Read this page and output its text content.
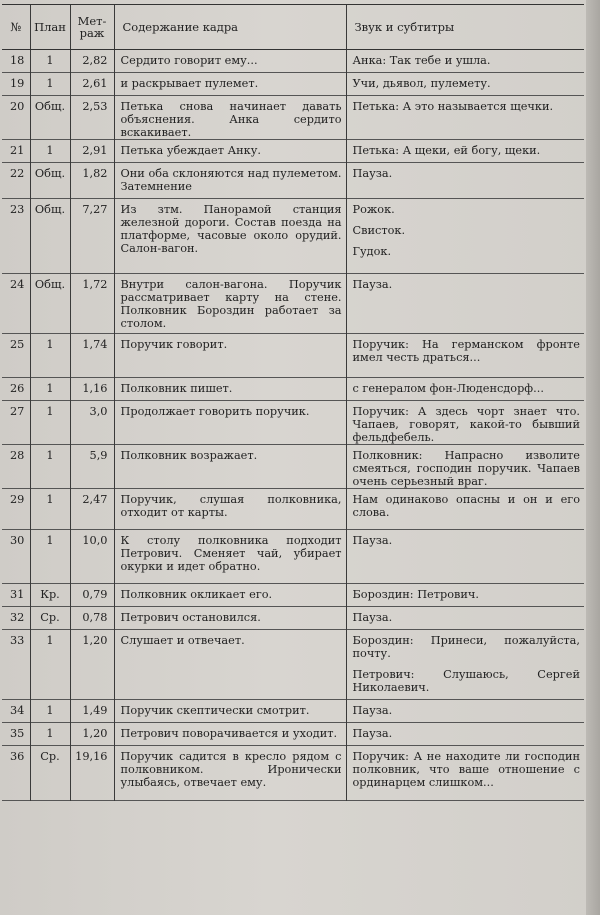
№	План	Мет-
раж	Содержание кадра	Звук и субтитры
18	1	2,82	Сердито говорит ему...	Анка: Так тебе и ушла.

19	1	2,61	и раскрывает пулемет.	Учи, дьявол, пулемету.

20	Общ.	2,53	Петька снова начинает давать объяснения. Анка сердито вскакивает.	Петька: А это называется щечки.

21	1	2,91	Петька убеждает Анку.	Петька: А щеки, ей богу, щеки.

22	Общ.	1,82	Они оба склоняются над пулеметом. Затемнение	Пауза.

23	Общ.	7,27	Из зтм. Панорамой станция железной дороги. Состав поезда на платформе, часовые около орудий. Салон-вагон.	Рожок.
Свисток.
Гудок.

24	Общ.	1,72	Внутри салон-вагона. Поручик рассматривает карту на стене. Полковник Бороздин работает за столом.	Пауза.

25	1	1,74	Поручик говорит.	Поручик: На германском фронте имел честь драться...

26	1	1,16	Полковник пишет.	с генералом фон-Люденсдорф...

27	1	3,0	Продолжает говорить поручик.	Поручик: А здесь чорт знает что. Чапаев, говорят, какой-то бывший фельдфебель.

28	1	5,9	Полковник возражает.	Полковник: Напрасно изволите смеяться, господин поручик. Чапаев очень серьезный враг.

29	1	2,47	Поручик, слушая полковника, отходит от карты.	Нам одинаково опасны и он и его слова.

30	1	10,0	К столу полковника подходит Петрович. Сменяет чай, убирает окурки и идет обратно.	Пауза.

31	Кр.	0,79	Полковник окликает его.	Бороздин: Петрович.

32	Ср.	0,78	Петрович остановился.	Пауза.

33	1	1,20	Слушает и отвечает.	Бороздин: Принеси, пожалуйста, почту.
Петрович: Слушаюсь, Сергей Николаевич.

34	1	1,49	Поручик скептически смотрит.	Пауза.

35	1	1,20	Петрович поворачивается и уходит.	Пауза.

36	Ср.	19,16	Поручик садится в кресло рядом с полковником. Иронически улыбаясь, отвечает ему.	Поручик: А не находите ли господин полковник, что ваше отношение с ординарцем слишком...
